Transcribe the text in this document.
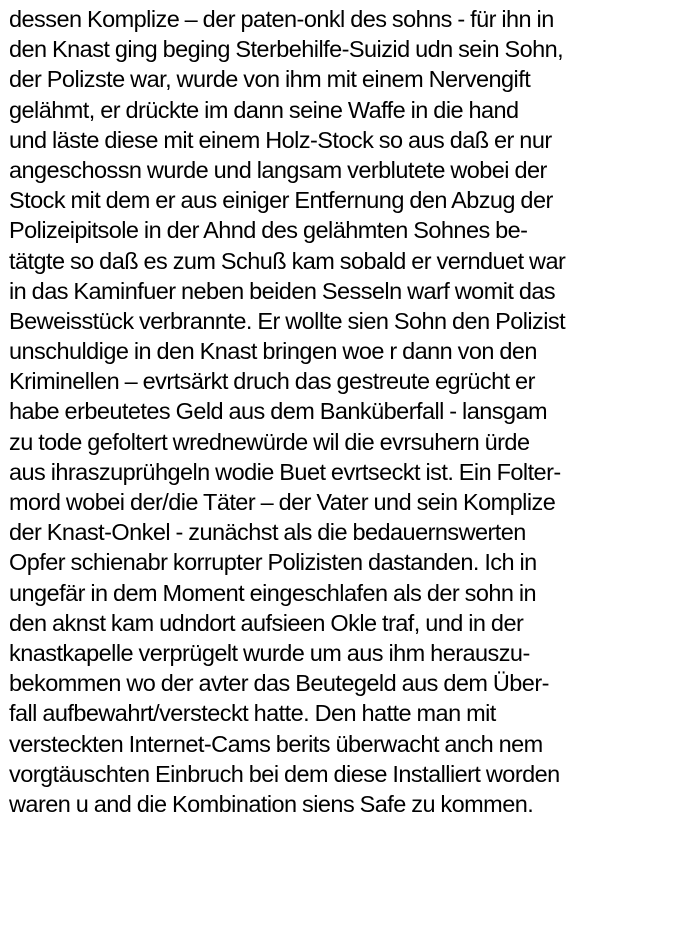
dessen Komplize – der paten-onkl des sohns - für ihn in
den Knast ging beging Sterbehilfe-Suizid udn sein Sohn,
der Polizste war, wurde von ihm mit einem Nervengift
gelähmt, er drückte im dann seine Waffe in die hand
und läste diese mit einem Holz-Stock so aus daß er nur
angeschossn wurde und langsam verblutete wobei der
Stock mit dem er aus einiger Entfernung den Abzug der
Polizeipitsole in der Ahnd des gelähmten Sohnes be-
tätgte so daß es zum Schuß kam sobald er vernduet war
in das Kaminfuer neben beiden Sesseln warf womit das
Beweisstück verbrannte. Er wollte sien Sohn den Polizist
unschuldige in den Knast bringen woe r dann von den
Kriminellen – evrtsärkt druch das gestreute egrücht er
habe erbeutetes Geld aus dem Banküberfall - lansgam
zu tode gefoltert wrednewürde wil die evrsuhern ürde
aus ihraszuprühgeln wodie Buet evrtseckt ist. Ein Folter-
mord wobei der/die Täter – der Vater und sein Komplize
der Knast-Onkel - zunächst als die bedauernswerten
Opfer schienabr korrupter Polizisten dastanden. Ich in
ungefär in dem Moment eingeschlafen als der sohn in
den aknst kam udndort aufsieen Okle traf, und in der
knastkapelle verprügelt wurde um aus ihm herauszu-
bekommen wo der avter das Beutegeld aus dem Über-
fall aufbewahrt/versteckt hatte. Den hatte man mit
versteckten Internet-Cams berits überwacht anch nem
vorgtäuschten Einbruch bei dem diese Installiert worden
waren u and die Kombination siens Safe zu kommen.
